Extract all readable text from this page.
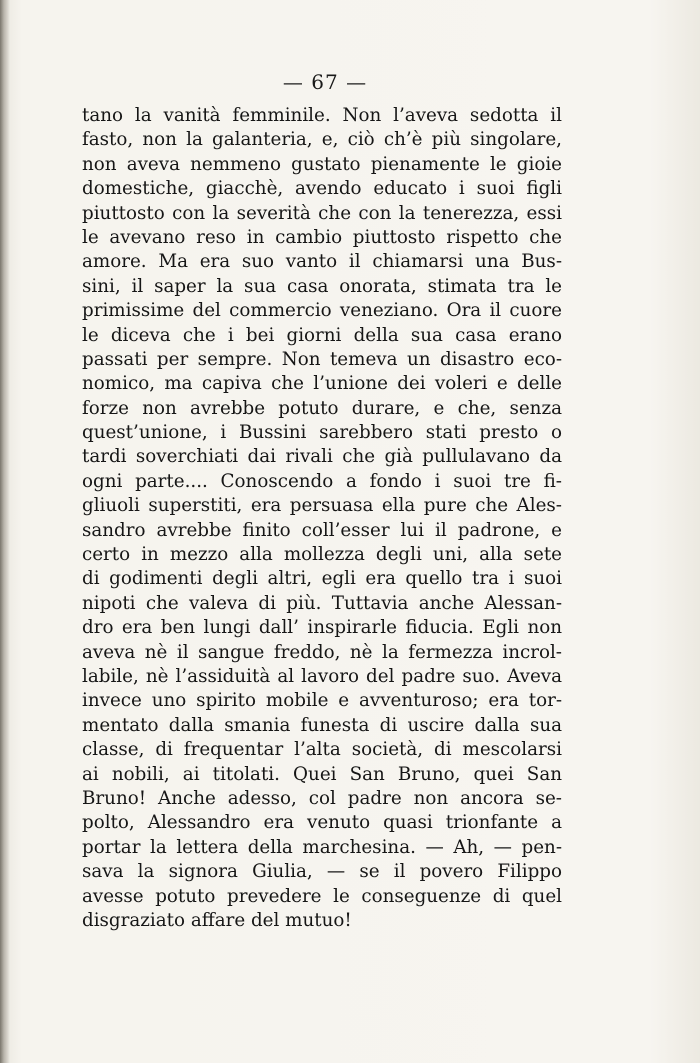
— 67 —
tano la vanità femminile. Non l’aveva sedotta il
fasto, non la galanteria, e, ciò ch’è più singolare,
non aveva nemmeno gustato pienamente le gioie
domestiche, giacchè, avendo educato i suoi figli
piuttosto con la severità che con la tenerezza, essi
le avevano reso in cambio piuttosto rispetto che
amore. Ma era suo vanto il chiamarsi una Bus-
sini, il saper la sua casa onorata, stimata tra le
primissime del commercio veneziano. Ora il cuore
le diceva che i bei giorni della sua casa erano
passati per sempre. Non temeva un disastro eco-
nomico, ma capiva che l’unione dei voleri e delle
forze non avrebbe potuto durare, e che, senza
quest’unione, i Bussini sarebbero stati presto o
tardi soverchiati dai rivali che già pullulavano da
ogni parte.... Conoscendo a fondo i suoi tre fi-
gliuoli superstiti, era persuasa ella pure che Ales-
sandro avrebbe finito coll’esser lui il padrone, e
certo in mezzo alla mollezza degli uni, alla sete
di godimenti degli altri, egli era quello tra i suoi
nipoti che valeva di più. Tuttavia anche Alessan-
dro era ben lungi dall’ inspirarle fiducia. Egli non
aveva nè il sangue freddo, nè la fermezza incrol-
labile, nè l’assiduità al lavoro del padre suo. Aveva
invece uno spirito mobile e avventuroso; era tor-
mentato dalla smania funesta di uscire dalla sua
classe, di frequentar l’alta società, di mescolarsi
ai nobili, ai titolati. Quei San Bruno, quei San
Bruno! Anche adesso, col padre non ancora se-
polto, Alessandro era venuto quasi trionfante a
portar la lettera della marchesina. — Ah, — pen-
sava la signora Giulia, — se il povero Filippo
avesse potuto prevedere le conseguenze di quel
disgraziato affare del mutuo!
